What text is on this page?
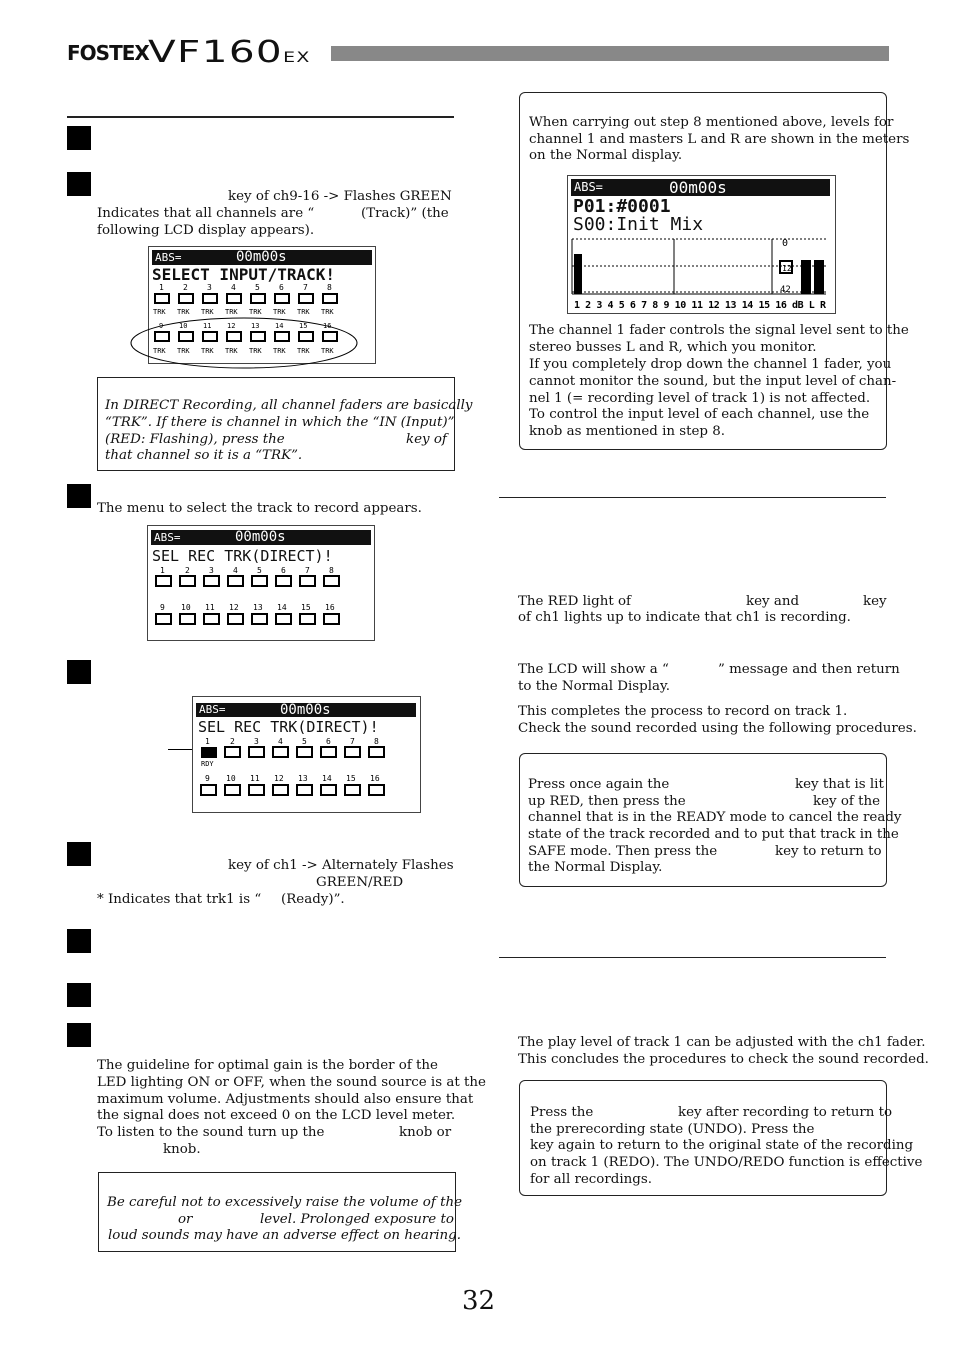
FOSTEX VF160EX
key of ch9-16 -> Flashes GREEN
Indicates that all channels are “	(Track)” (the
following LCD display appears).
ABS=	00m00s
SELECT INPUT/TRACK!
1 2 3 4 5 6 7 8
TRK TRK TRK TRK TRK TRK TRK TRK
9 10 11 12 13 14 15 16
TRK TRK TRK TRK TRK TRK TRK TRK
In DIRECT Recording, all channel faders are basically
“TRK”. If there is channel in which the “IN (Input)”
(RED: Flashing), press the	key of
that channel so it is a “TRK”.
The menu to select the track to record appears.
ABS=	00m00s
SEL REC TRK(DIRECT)!
1	2 3 4 5 6 7 8
9 10 11 12 13 14 15 16
ABS=	00m00s
SEL REC TRK(DIRECT)!
1	2 3 4 5 6 7 8
RDY
9 10 11 12 13 14 15 16
key of ch1 -> Alternately Flashes
GREEN/RED
* Indicates that trk1 is “ (Ready)”.
The guideline for optimal gain is the border of the
LED lighting ON or OFF, when the sound source is at the
maximum volume. Adjustments should also ensure that
the signal does not exceed 0 on the LCD level meter.
To listen to the sound turn up the	knob or
knob.
Be careful not to excessively raise the volume of the
or	level. Prolonged exposure to
loud sounds may have an adverse effect on hearing.
When carrying out step 8 mentioned above, levels for
channel 1 and masters L and R are shown in the meters
on the Normal display.
ABS=	00m00s
P01:#0001
S00:Init Mix
0
12
42
1 2 3 4 5 6 7 8 9 10 11 12 13 14 15 16 dB L R
The channel 1 fader controls the signal level sent to the
stereo busses L and R, which you monitor.
If you completely drop down the channel 1 fader, you
cannot monitor the sound, but the input level of chan-
nel 1 (= recording level of track 1) is not affected.
To control the input level of each channel, use the
knob as mentioned in step 8.
The RED light of	key and	key
of ch1 lights up to indicate that ch1 is recording.
The LCD will show a “	” message and then return
to the Normal Display.
This completes the process to record on track 1.
Check the sound recorded using the following procedures.
Press once again the	key that is lit
up RED, then press the	key of the
channel that is in the READY mode to cancel the ready
state of the track recorded and to put that track in the
SAFE mode. Then press the	key to return to
the Normal Display.
The play level of track 1 can be adjusted with the ch1 fader.
This concludes the procedures to check the sound recorded.
Press the	key after recording to return to
the prerecording state (UNDO). Press the
key again to return to the original state of the recording
on track 1 (REDO). The UNDO/REDO function is effective
for all recordings.
32
